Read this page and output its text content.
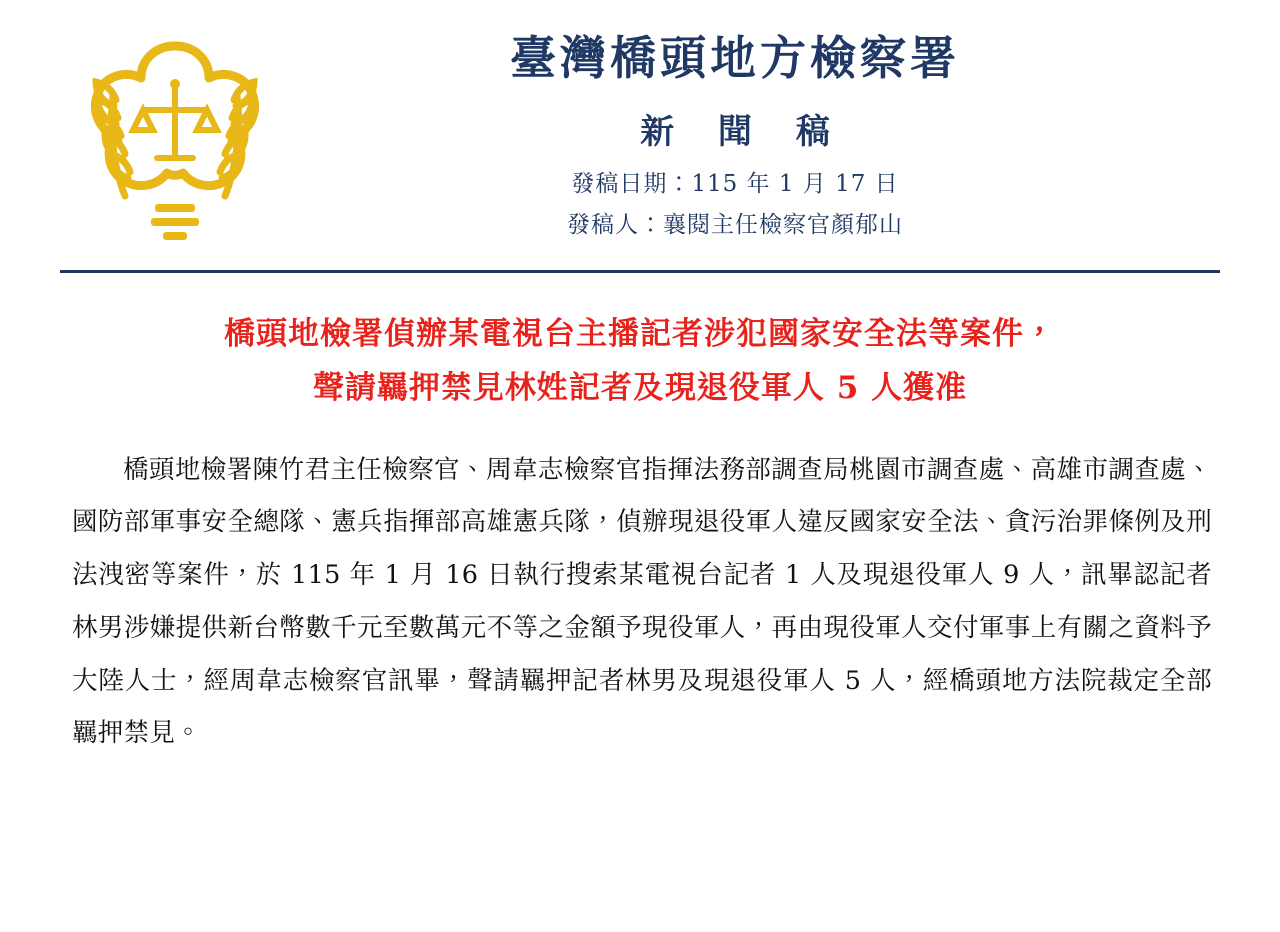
臺灣橋頭地方檢察署
新 聞 稿
發稿日期：115 年 1 月 17 日
發稿人：襄閱主任檢察官顏郁山
橋頭地檢署偵辦某電視台主播記者涉犯國家安全法等案件，
聲請羈押禁見林姓記者及現退役軍人 5 人獲准

橋頭地檢署陳竹君主任檢察官、周韋志檢察官指揮法務部調查局桃園市調查處、高雄市調查處、國防部軍事安全總隊、憲兵指揮部高雄憲兵隊，偵辦現退役軍人違反國家安全法、貪污治罪條例及刑法洩密等案件，於 115 年 1 月 16 日執行搜索某電視台記者 1 人及現退役軍人 9 人，訊畢認記者林男涉嫌提供新台幣數千元至數萬元不等之金額予現役軍人，再由現役軍人交付軍事上有關之資料予大陸人士，經周韋志檢察官訊畢，聲請羈押記者林男及現退役軍人 5 人，經橋頭地方法院裁定全部羈押禁見。
